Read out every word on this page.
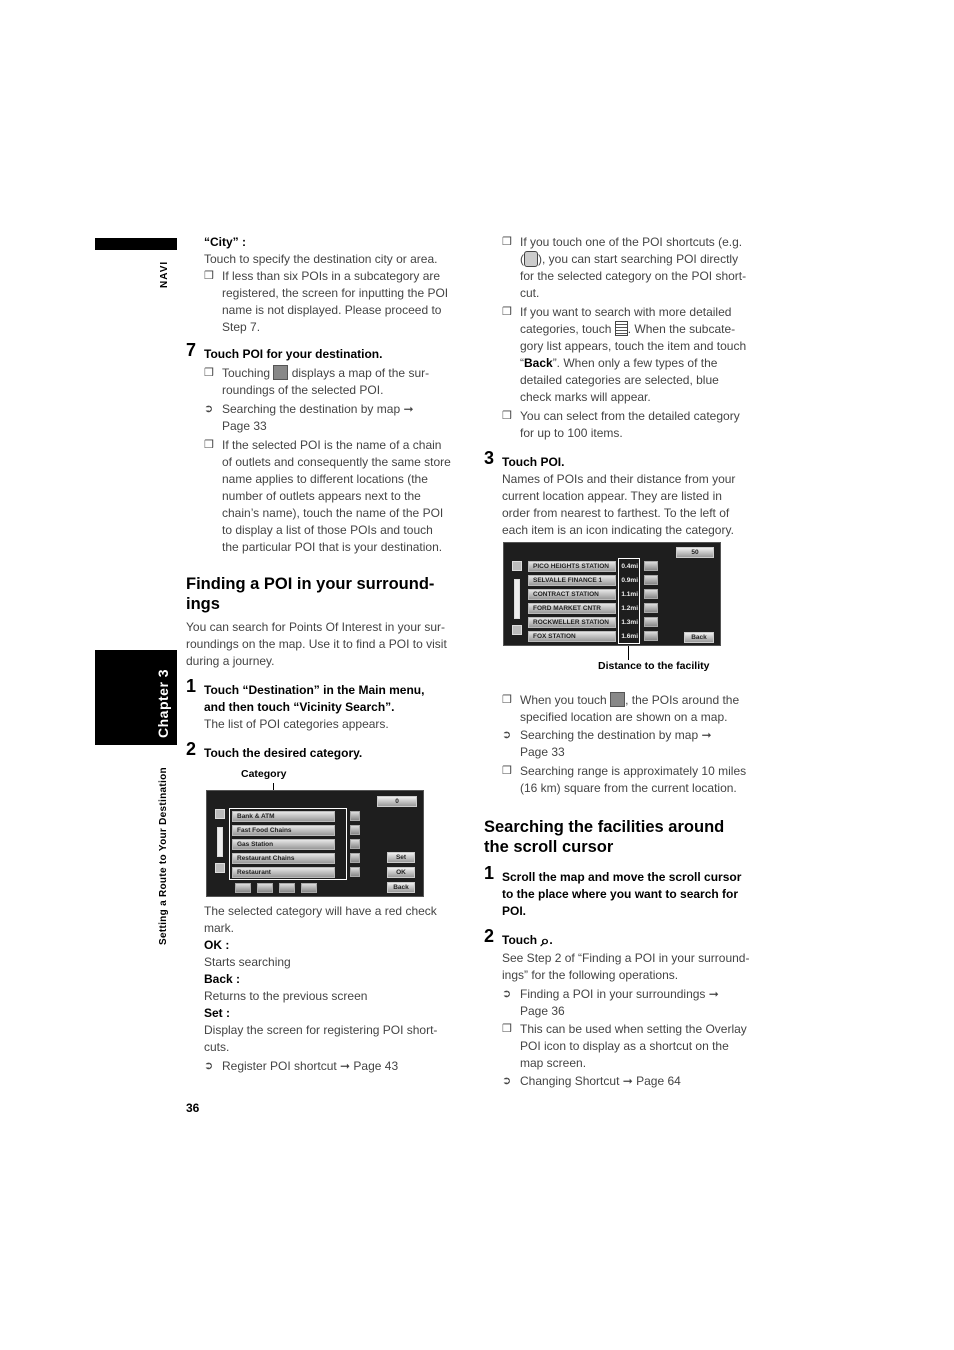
NAVI
Chapter 3
Setting a Route to Your Destination
“City” :
Touch to specify the destination city or area.
❒ If less than six POIs in a subcategory are
registered, the screen for inputting the POI
name is not displayed. Please proceed to
Step 7.
7 Touch POI for your destination.
❒ Touching  displays a map of the sur-
roundings of the selected POI.
➲ Searching the destination by map ➞
Page 33
❒ If the selected POI is the name of a chain
of outlets and consequently the same store
name applies to different locations (the
number of outlets appears next to the
chain’s name), touch the name of the POI
to display a list of those POIs and touch
the particular POI that is your destination.
Finding a POI in your surround-
ings
You can search for Points Of Interest in your sur-
roundings on the map. Use it to find a POI to visit
during a journey.
1 Touch “Destination” in the Main menu,
and then touch “Vicinity Search”.
The list of POI categories appears.
2 Touch the desired category.
Category
Bank & ATM
Fast Food Chains
Gas Station
Restaurant Chains
Restaurant
0
Set
OK
Back
The selected category will have a red check
mark.
OK :
Starts searching
Back :
Returns to the previous screen
Set :
Display the screen for registering POI short-
cuts.
➲ Register POI shortcut ➞ Page 43
❒ If you touch one of the POI shortcuts (e.g.
( ), you can start searching POI directly
for the selected category on the POI short-
cut.
❒ If you want to search with more detailed
categories, touch . When the subcate-
gory list appears, touch the item and touch
“Back”. When only a few types of the
detailed categories are selected, blue
check marks will appear.
❒ You can select from the detailed category
for up to 100 items.
3 Touch POI.
Names of POIs and their distance from your
current location appear. They are listed in
order from nearest to farthest. To the left of
each item is an icon indicating the category.
PICO HEIGHTS STATION
SELVALLE FINANCE 1
CONTRACT STATION
FORD MARKET CNTR
ROCKWELLER STATION
FOX STATION
0.4mi
0.9mi
1.1mi
1.2mi
1.3mi
1.6mi
50
Back
Distance to the facility
❒ When you touch , the POIs around the
specified location are shown on a map.
➲ Searching the destination by map ➞
Page 33
❒ Searching range is approximately 10 miles
(16 km) square from the current location.
Searching the facilities around
the scroll cursor
1 Scroll the map and move the scroll cursor
to the place where you want to search for
POI.
2 Touch ⌕.
See Step 2 of “Finding a POI in your surround-
ings” for the following operations.
➲ Finding a POI in your surroundings ➞
Page 36
❒ This can be used when setting the Overlay
POI icon to display as a shortcut on the
map screen.
➲ Changing Shortcut ➞ Page 64
36
